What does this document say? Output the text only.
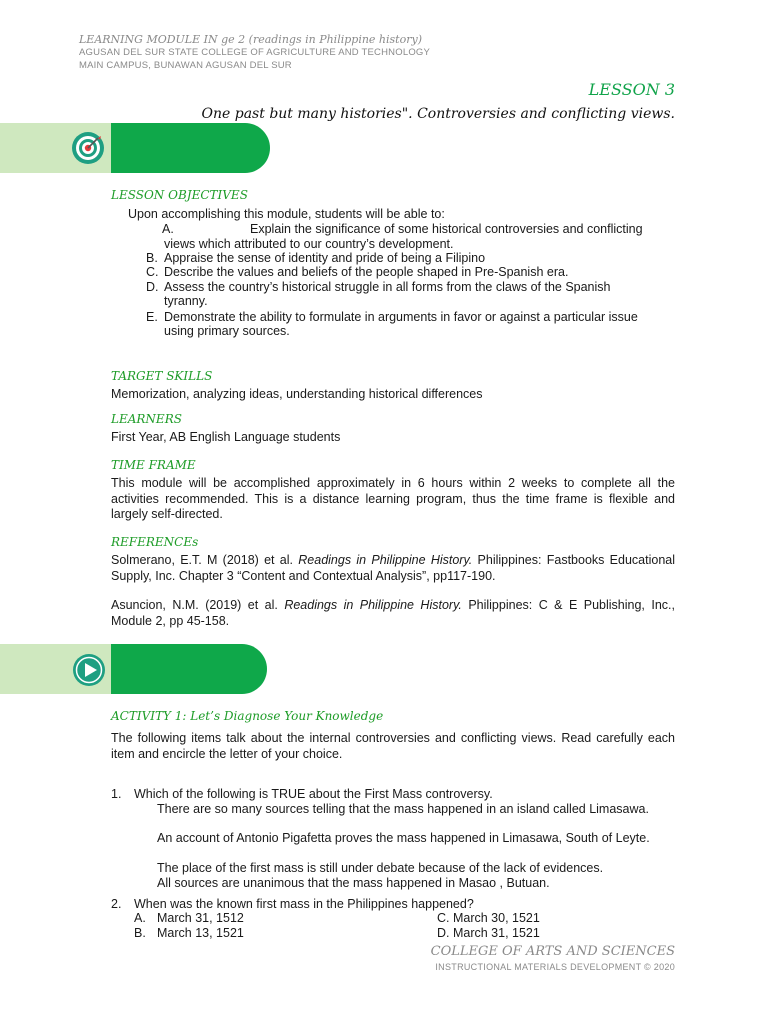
LEARNING MODULE IN ge 2 (readings in Philippine history)
AGUSAN DEL SUR STATE COLLEGE OF AGRICULTURE AND TECHNOLOGY
MAIN CAMPUS, BUNAWAN AGUSAN DEL SUR
LESSON 3
One past but many histories". Controversies and conflicting views.
LESSON OBJECTIVES
Upon accomplishing this module, students will be able to:
A.	Explain the significance of some historical controversies and conflicting
views which attributed to our country’s development.
B. Appraise the sense of identity and pride of being a Filipino
C. Describe the values and beliefs of the people shaped in Pre-Spanish era.
D. Assess the country’s historical struggle in all forms from the claws of the Spanish
tyranny.
E. Demonstrate the ability to formulate in arguments in favor or against a particular issue
using primary sources.
TARGET SKILLS
Memorization, analyzing ideas, understanding historical differences
LEARNERS
First Year, AB English Language students
TIME FRAME
This module will be accomplished approximately in 6 hours within 2 weeks to complete all the activities recommended. This is a distance learning program, thus the time frame is flexible and largely self-directed.
REFERENCEs
Solmerano, E.T. M (2018) et al. Readings in Philippine History. Philippines: Fastbooks Educational Supply, Inc. Chapter 3 “Content and Contextual Analysis”, pp117-190.
Asuncion, N.M. (2019) et al. Readings in Philippine History. Philippines: C & E Publishing, Inc., Module 2, pp 45-158.
ACTIVITY 1: Let’s Diagnose Your Knowledge
The following items talk about the internal controversies and conflicting views. Read carefully each item and encircle the letter of your choice.
1. Which of the following is TRUE about the First Mass controversy.
There are so many sources telling that the mass happened in an island called Limasawa.
An account of Antonio Pigafetta proves the mass happened in Limasawa, South of Leyte.
The place of the first mass is still under debate because of the lack of evidences.
All sources are unanimous that the mass happened in Masao , Butuan.
2. When was the known first mass in the Philippines happened?
A. March 31, 1512	C. March 30, 1521
B. March 13, 1521	D. March 31, 1521
COLLEGE OF ARTS AND SCIENCES
INSTRUCTIONAL MATERIALS DEVELOPMENT © 2020
